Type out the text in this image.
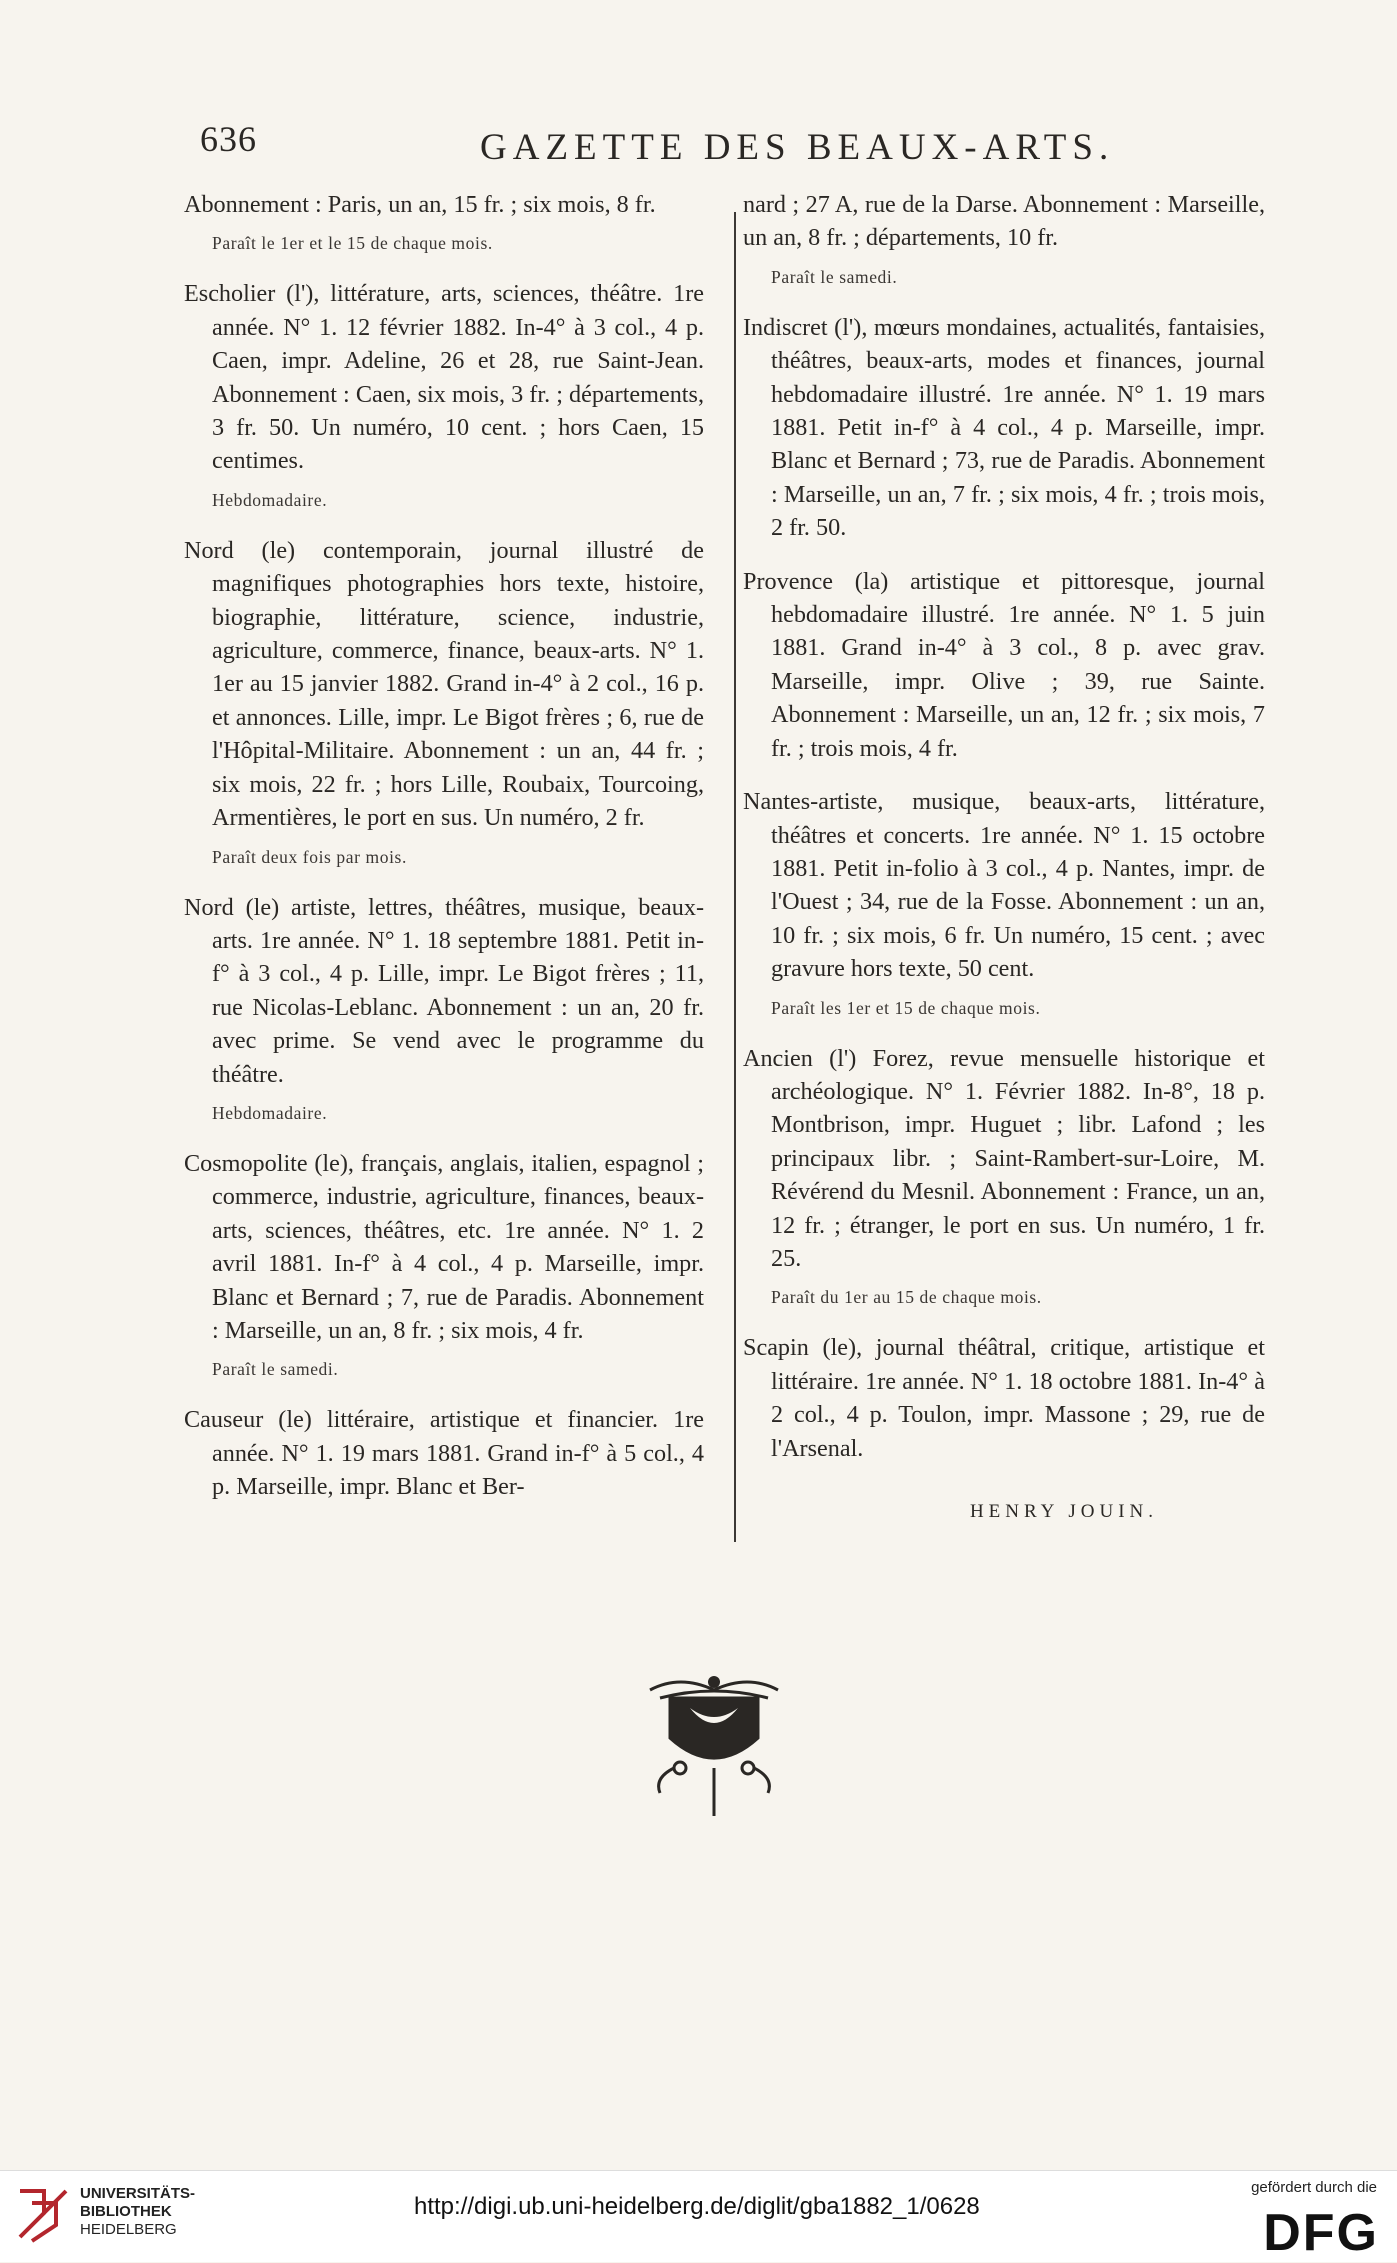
636	GAZETTE DES BEAUX-ARTS.

Abonnement : Paris, un an, 15 fr. ; six mois, 8 fr.

Paraît le 1er et le 15 de chaque mois.

Escholier (l'), littérature, arts, sciences, théâtre. 1re année. N° 1. 12 février 1882. In-4° à 3 col., 4 p. Caen, impr. Adeline, 26 et 28, rue Saint-Jean. Abonnement : Caen, six mois, 3 fr. ; départements, 3 fr. 50. Un numéro, 10 cent. ; hors Caen, 15 centimes.

Hebdomadaire.

Nord (le) contemporain, journal illustré de magnifiques photographies hors texte, histoire, biographie, littérature, science, industrie, agriculture, commerce, finance, beaux-arts. N° 1. 1er au 15 janvier 1882. Grand in-4° à 2 col., 16 p. et annonces. Lille, impr. Le Bigot frères ; 6, rue de l'Hôpital-Militaire. Abonnement : un an, 44 fr. ; six mois, 22 fr. ; hors Lille, Roubaix, Tourcoing, Armentières, le port en sus. Un numéro, 2 fr.

Paraît deux fois par mois.

Nord (le) artiste, lettres, théâtres, musique, beaux-arts. 1re année. N° 1. 18 septembre 1881. Petit in-f° à 3 col., 4 p. Lille, impr. Le Bigot frères ; 11, rue Nicolas-Leblanc. Abonnement : un an, 20 fr. avec prime. Se vend avec le programme du théâtre.

Hebdomadaire.

Cosmopolite (le), français, anglais, italien, espagnol ; commerce, industrie, agriculture, finances, beaux-arts, sciences, théâtres, etc. 1re année. N° 1. 2 avril 1881. In-f° à 4 col., 4 p. Marseille, impr. Blanc et Bernard ; 7, rue de Paradis. Abonnement : Marseille, un an, 8 fr. ; six mois, 4 fr.

Paraît le samedi.

Causeur (le) littéraire, artistique et financier. 1re année. N° 1. 19 mars 1881. Grand in-f° à 5 col., 4 p. Marseille, impr. Blanc et Ber-

nard ; 27 A, rue de la Darse. Abonnement : Marseille, un an, 8 fr. ; départements, 10 fr.

Paraît le samedi.

Indiscret (l'), mœurs mondaines, actualités, fantaisies, théâtres, beaux-arts, modes et finances, journal hebdomadaire illustré. 1re année. N° 1. 19 mars 1881. Petit in-f° à 4 col., 4 p. Marseille, impr. Blanc et Bernard ; 73, rue de Paradis. Abonnement : Marseille, un an, 7 fr. ; six mois, 4 fr. ; trois mois, 2 fr. 50.

Provence (la) artistique et pittoresque, journal hebdomadaire illustré. 1re année. N° 1. 5 juin 1881. Grand in-4° à 3 col., 8 p. avec grav. Marseille, impr. Olive ; 39, rue Sainte. Abonnement : Marseille, un an, 12 fr. ; six mois, 7 fr. ; trois mois, 4 fr.

Nantes-artiste, musique, beaux-arts, littérature, théâtres et concerts. 1re année. N° 1. 15 octobre 1881. Petit in-folio à 3 col., 4 p. Nantes, impr. de l'Ouest ; 34, rue de la Fosse. Abonnement : un an, 10 fr. ; six mois, 6 fr. Un numéro, 15 cent. ; avec gravure hors texte, 50 cent.

Paraît les 1er et 15 de chaque mois.

Ancien (l') Forez, revue mensuelle historique et archéologique. N° 1. Février 1882. In-8°, 18 p. Montbrison, impr. Huguet ; libr. Lafond ; les principaux libr. ; Saint-Rambert-sur-Loire, M. Révérend du Mesnil. Abonnement : France, un an, 12 fr. ; étranger, le port en sus. Un numéro, 1 fr. 25.

Paraît du 1er au 15 de chaque mois.

Scapin (le), journal théâtral, critique, artistique et littéraire. 1re année. N° 1. 18 octobre 1881. In-4° à 2 col., 4 p. Toulon, impr. Massone ; 29, rue de l'Arsenal.

HENRY JOUIN.
UNIVERSITÄTS-
BIBLIOTHEK
HEIDELBERG
http://digi.ub.uni-heidelberg.de/diglit/gba1882_1/0628
gefördert durch die
DFG
